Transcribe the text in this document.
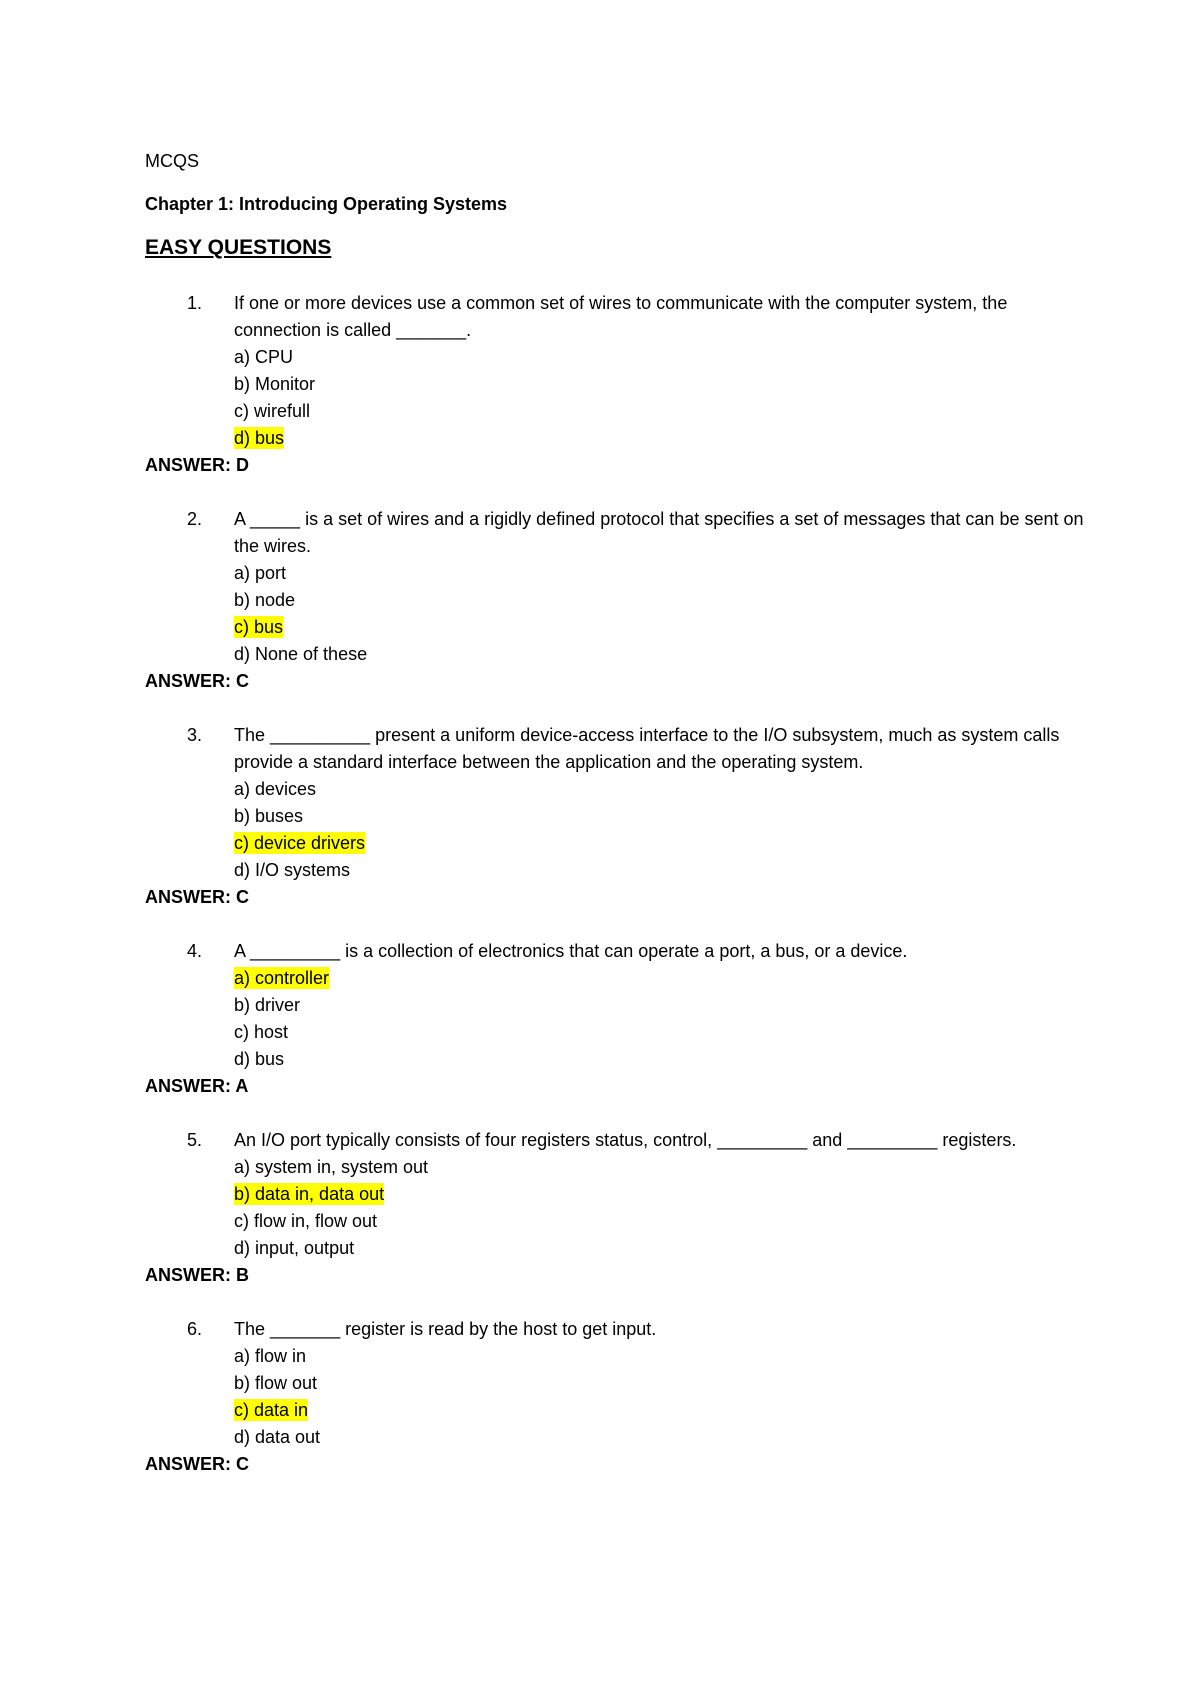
MCQS
Chapter 1: Introducing Operating Systems
EASY QUESTIONS
1.	If one or more devices use a common set of wires to communicate with the computer system, the connection is called _______.
a) CPU
b) Monitor
c) wirefull
d) bus
ANSWER: D
2.	A _____ is a set of wires and a rigidly defined protocol that specifies a set of messages that can be sent on the wires.
a) port
b) node
c) bus
d) None of these
ANSWER: C
3.	The __________ present a uniform device-access interface to the I/O subsystem, much as system calls provide a standard interface between the application and the operating system.
a) devices
b) buses
c) device drivers
d) I/O systems
ANSWER: C
4.	A _________ is a collection of electronics that can operate a port, a bus, or a device.
a) controller
b) driver
c) host
d) bus
ANSWER: A
5.	An I/O port typically consists of four registers status, control, _________ and _________ registers.
a) system in, system out
b) data in, data out
c) flow in, flow out
d) input, output
ANSWER: B
6.	The _______ register is read by the host to get input.
a) flow in
b) flow out
c) data in
d) data out
ANSWER: C
